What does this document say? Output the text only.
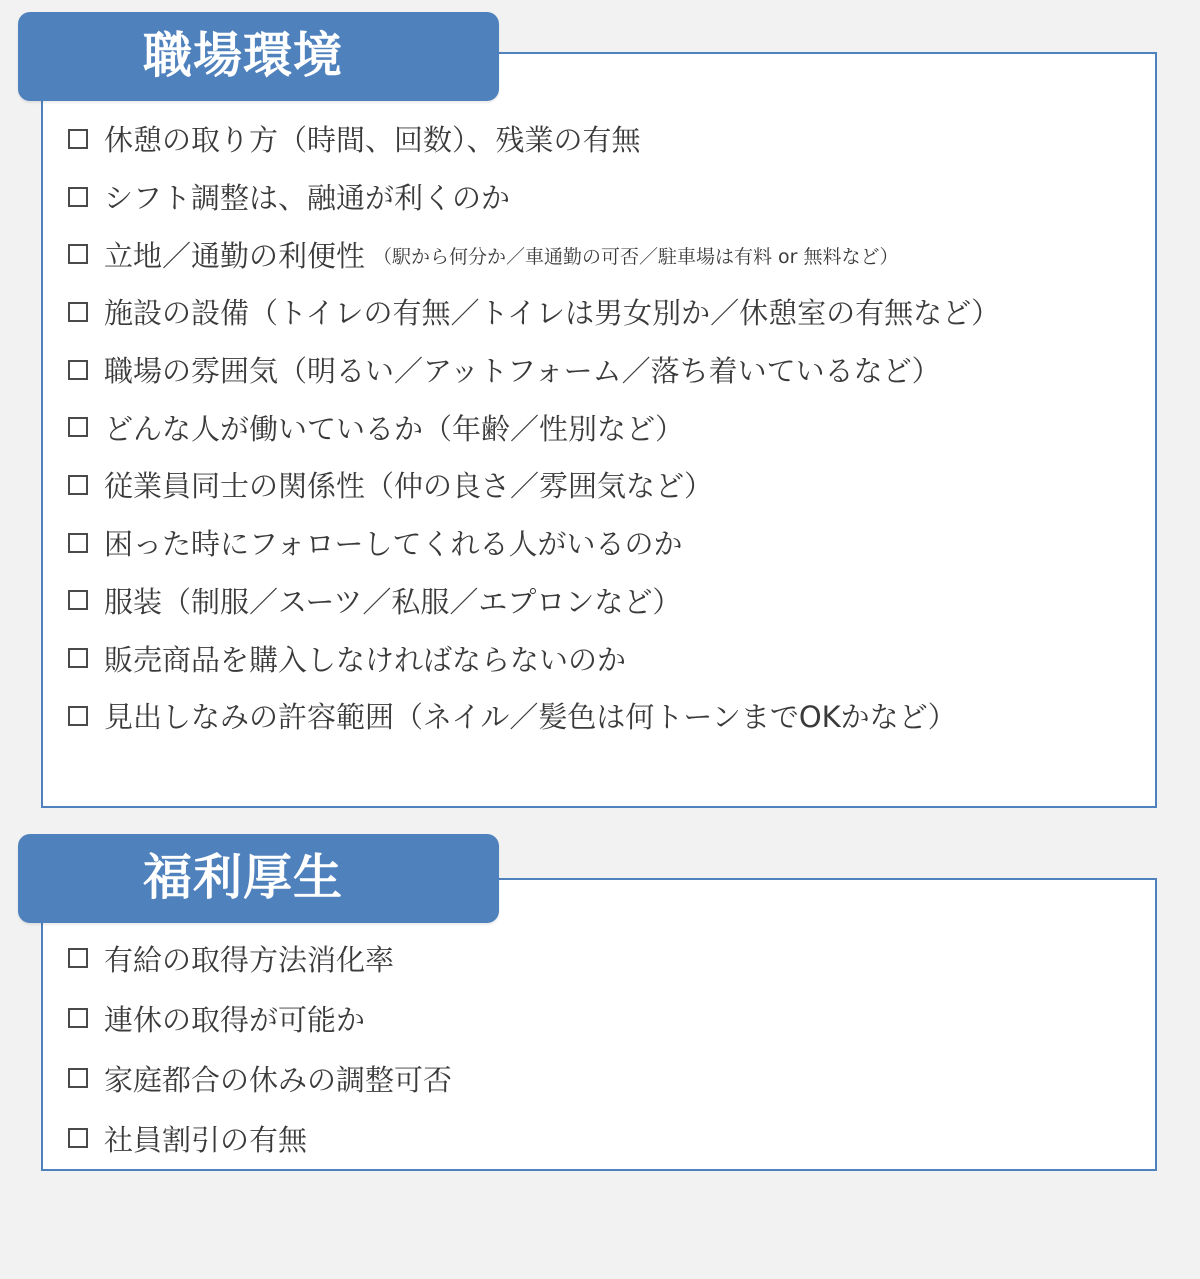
職場環境
休憩の取り方（時間、回数）、残業の有無
シフト調整は、融通が利くのか
立地／通勤の利便性 （駅から何分か／車通勤の可否／駐車場は有料 or 無料など）
施設の設備（トイレの有無／トイレは男女別か／休憩室の有無など）
職場の雰囲気（明るい／アットフォーム／落ち着いているなど）
どんな人が働いているか（年齢／性別など）
従業員同士の関係性（仲の良さ／雰囲気など）
困った時にフォローしてくれる人がいるのか
服装（制服／スーツ／私服／エプロンなど）
販売商品を購入しなければならないのか
見出しなみの許容範囲（ネイル／髪色は何トーンまでOKかなど）
福利厚生
有給の取得方法消化率
連休の取得が可能か
家庭都合の休みの調整可否
社員割引の有無
